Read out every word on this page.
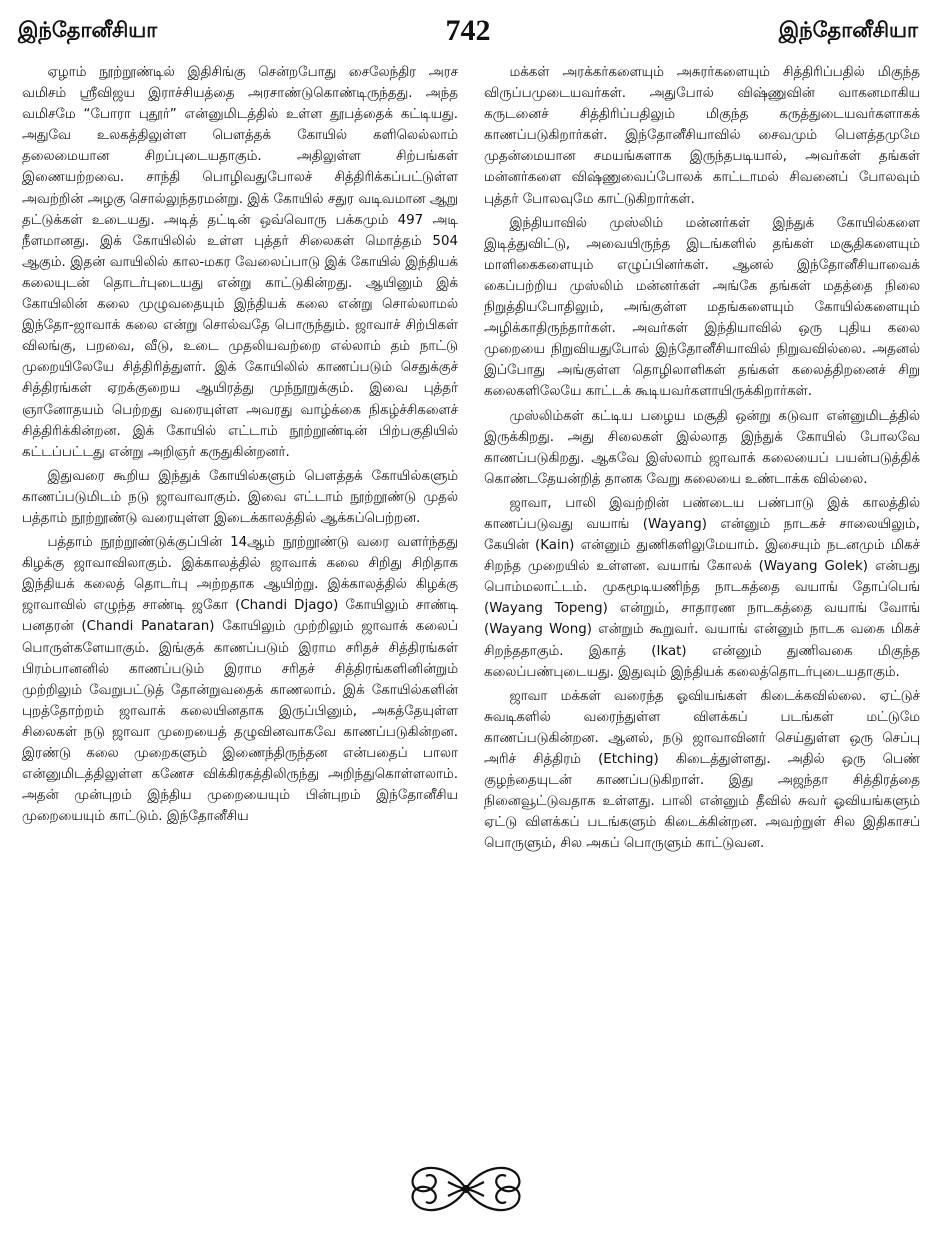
இந்தோனீசியா	742	இந்தோனீசியா

ஏழாம் நூற்றூண்டில் இதிசிங்கு சென்றபோது சைலேந்திர அரச வமிசம் ஸ்ரீவிஜய இராச்சியத்தை அரசாண்டுகொண்டிருந்தது. அந்த வமிசமே “போரா புதூர்” என்னுமிடத்தில் உள்ள தூபத்தைக் கட்டியது. அதுவே உலகத்திலுள்ள பௌத்தக் கோயில் களிலெல்லாம் தலைமையான சிறப்புடையதாகும். அதிலுள்ள சிற்பங்கள் இணையற்றவை. சாந்தி பொழிவதுபோலச் சித்திரிக்கப்பட்டுள்ள அவற்றின் அழகு சொல்லுந்தரமன்று. இக் கோயில் சதுர வடிவமான ஆறு தட்டுக்கள் உடையது. அடித் தட்டின் ஒவ்வொரு பக்கமும் 497 அடி நீளமானது. இக் கோயிலில் உள்ள புத்தர் சிலைகள் மொத்தம் 504 ஆகும். இதன் வாயிலில் கால-மகர வேலைப்பாடு இக் கோயில் இந்தியக் கலையுடன் தொடர்புடையது என்று காட்டுகின்றது. ஆயினும் இக் கோயிலின் கலை முழுவதையும் இந்தியக் கலை என்று சொல்லாமல் இந்தோ-ஜாவாக் கலை என்று சொல்வதே பொருந்தும். ஜாவாச் சிற்பிகள் விலங்கு, பறவை, வீடு, உடை முதலியவற்றை எல்லாம் தம் நாட்டு முறையிலேயே சித்திரித்துளர். இக் கோயிலில் காணப்படும் செதுக்குச் சித்திரங்கள் ஏறக்குறைய ஆயிரத்து முந்நூறுக்கும். இவை புத்தர் ஞானோதயம் பெற்றது வரையுள்ள அவரது வாழ்க்கை நிகழ்ச்சிகளைச் சித்திரிக்கின்றன. இக் கோயில் எட்டாம் நூற்றூண்டின் பிற்பகுதியில் கட்டப்பட்டது என்று அறிஞர் கருதுகின்றனர்.

இதுவரை கூறிய இந்துக் கோயில்களும் பௌத்தக் கோயில்களும் காணப்படுமிடம் நடு ஜாவாவாகும். இவை எட்டாம் நூற்றூண்டு முதல் பத்தாம் நூற்றூண்டு வரையுள்ள இடைக்காலத்தில் ஆக்கப்பெற்றன.

பத்தாம் நூற்றூண்டுக்குப்பின் 14ஆம் நூற்றூண்டு வரை வளர்ந்தது கிழக்கு ஜாவாவிலாகும். இக்காலத்தில் ஜாவாக் கலை சிறிது சிறிதாக இந்தியக் கலைத் தொடர்பு அற்றதாக ஆயிற்று. இக்காலத்தில் கிழக்கு ஜாவாவில் எழுந்த சாண்டி ஜகோ (Chandi Djago) கோயிலும் சாண்டி பனதரன் (Chandi Panataran) கோயிலும் முற்றிலும் ஜாவாக் கலைப் பொருள்களேயாகும். இங்குக் காணப்படும் இராம சரிதச் சித்திரங்கள் பிரம்பானனில் காணப்படும் இராம சரிதச் சித்திரங்களினின்றும் முற்றிலும் வேறுபட்டுத் தோன்றுவதைக் காணலாம். இக் கோயில்களின் புறத்தோற்றம் ஜாவாக் கலையினதாக இருப்பினும், அகத்தேயுள்ள சிலைகள் நடு ஜாவா முறையைத் தழுவினவாகவே காணப்படுகின்றன. இரண்டு கலை முறைகளும் இணைந்திருந்தன என்பதைப் பாலா என்னுமிடத்திலுள்ள கணேச விக்கிரகத்திலிருந்து அறிந்துகொள்ளலாம். அதன் முன்புறம் இந்திய முறையையும் பின்புறம் இந்தோனீசிய முறையையும் காட்டும். இந்தோனீசிய

மக்கள் அரக்கர்களையும் அசுரர்களையும் சித்திரிப்பதில் மிகுந்த விருப்பமுடையவர்கள். அதுபோல் விஷ்ணுவின் வாகனமாகிய கருடனைச் சித்திரிப்பதிலும் மிகுந்த கருத்துடையவர்களாகக் காணப்படுகிறார்கள். இந்தோனீசியாவில் சைவமும் பௌத்தமுமே முதன்மையான சமயங்களாக இருந்தபடியால், அவர்கள் தங்கள் மன்னர்களை விஷ்ணுவைப்போலக் காட்டாமல் சிவனைப் போலவும் புத்தர் போலவுமே காட்டுகிறார்கள்.

இந்தியாவில் முஸ்லிம் மன்னர்கள் இந்துக் கோயில்களை இடித்துவிட்டு, அவையிருந்த இடங்களில் தங்கள் மசூதிகளையும் மாளிகைகளையும் எழுப்பினர்கள். ஆனல் இந்தோனீசியாவைக் கைப்பற்றிய முஸ்லிம் மன்னர்கள் அங்கே தங்கள் மதத்தை நிலை நிறுத்தியபோதிலும், அங்குள்ள மதங்களையும் கோயில்களையும் அழிக்காதிருந்தார்கள். அவர்கள் இந்தியாவில் ஒரு புதிய கலை முறையை நிறுவியதுபோல் இந்தோனீசியாவில் நிறுவவில்லை. அதனல் இப்போது அங்குள்ள தொழிலாளிகள் தங்கள் கலைத்திறனைச் சிறு கலைகளிலேயே காட்டக் கூடியவர்களாயிருக்கிறார்கள்.

முஸ்லிம்கள் கட்டிய பழைய மசூதி ஒன்று கடுவா என்னுமிடத்தில் இருக்கிறது. அது சிலைகள் இல்லாத இந்துக் கோயில் போலவே காணப்படுகிறது. ஆகவே இஸ்லாம் ஜாவாக் கலையைப் பயன்படுத்திக் கொண்டதேயன்றித் தானக வேறு கலையை உண்டாக்க வில்லை.

ஜாவா, பாலி இவற்றின் பண்டைய பண்பாடு இக் காலத்தில் காணப்படுவது வயாங் (Wayang) என்னும் நாடகச் சாலையிலும், கேயின் (Kain) என்னும் துணிகளிலுமேயாம். இசையும் நடனமும் மிகச் சிறந்த முறையில் உள்ளன. வயாங் கோலக் (Wayang Golek) என்பது பொம்மலாட்டம். முகமூடியணிந்த நாடகத்தை வயாங் தோப்பெங் (Wayang Topeng) என்றும், சாதாரண நாடகத்தை வயாங் வோங் (Wayang Wong) என்றும் கூறுவர். வயாங் என்னும் நாடக வகை மிகச் சிறந்ததாகும். இகாத் (Ikat) என்னும் துணிவகை மிகுந்த கலைப்பண்புடையது. இதுவும் இந்தியக் கலைத்தொடர்புடையதாகும்.

ஜாவா மக்கள் வரைந்த ஓவியங்கள் கிடைக்கவில்லை. ஏட்டுச் சுவடிகளில் வரைந்துள்ள விளக்கப் படங்கள் மட்டுமே காணப்படுகின்றன. ஆனல், நடு ஜாவாவினர் செய்துள்ள ஒரு செப்பு அரிச் சித்திரம் (Etching) கிடைத்துள்ளது. அதில் ஒரு பெண் குழந்தையுடன் காணப்படுகிறாள். இது அஜந்தா சித்திரத்தை நினைவூட்டுவதாக உள்ளது. பாலி என்னும் தீவில் சுவர் ஓவியங்களும் ஏட்டு விளக்கப் படங்களும் கிடைக்கின்றன. அவற்றுள் சில இதிகாசப் பொருளும், சில அகப் பொருளும் காட்டுவன.
